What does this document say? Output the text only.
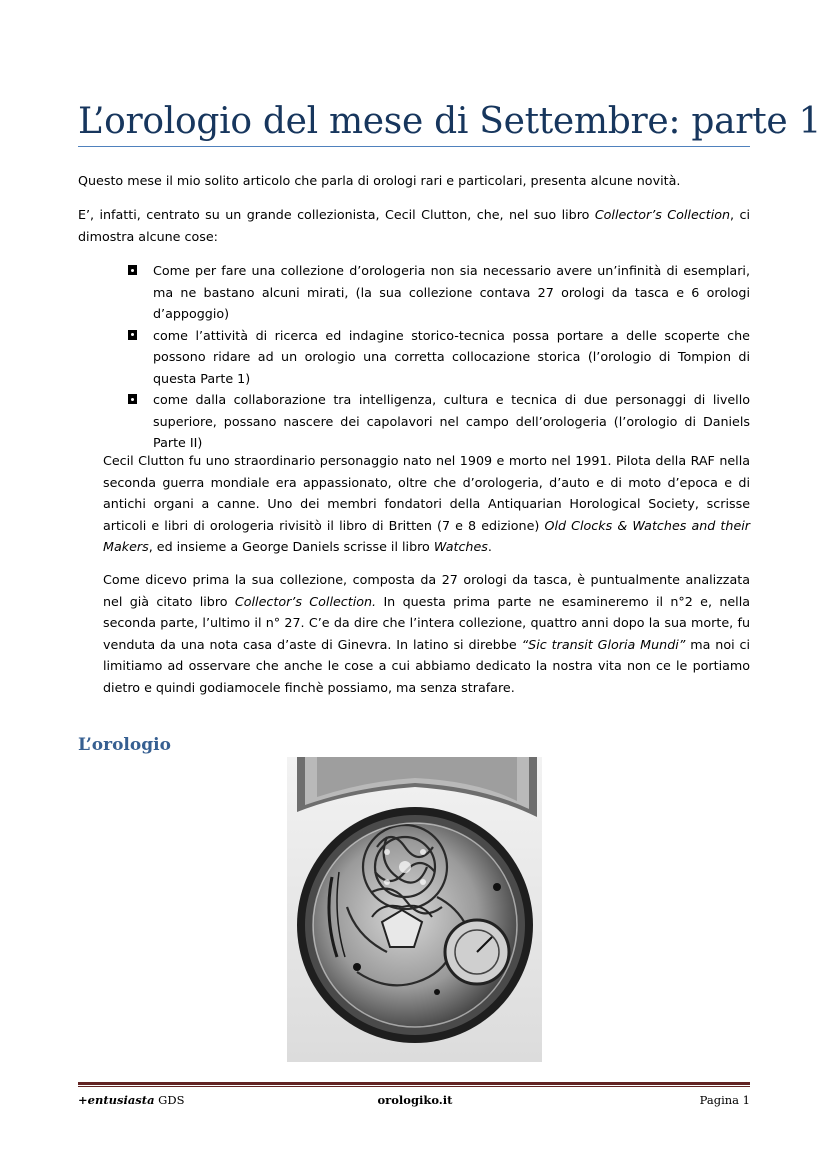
L’orologio del mese di Settembre: parte 1
Questo mese il mio solito articolo che parla di orologi rari e particolari, presenta alcune novità.
E’, infatti, centrato su un grande collezionista, Cecil Clutton, che, nel suo libro Collector’s Collection, ci dimostra alcune cose:
Come per fare una collezione d’orologeria non sia necessario avere un’infinità di esemplari, ma ne bastano alcuni mirati, (la sua collezione contava 27 orologi da tasca e 6 orologi d’appoggio)
come l’attività di ricerca ed indagine storico-tecnica possa portare a delle scoperte che possono ridare ad un orologio una corretta collocazione storica (l’orologio di Tompion di questa Parte 1)
come dalla collaborazione tra intelligenza, cultura e tecnica di due personaggi di livello superiore, possano nascere dei capolavori nel campo dell’orologeria (l’orologio di Daniels Parte II)
Cecil Clutton fu uno straordinario personaggio nato nel 1909 e morto nel 1991. Pilota della RAF nella seconda guerra mondiale era appassionato, oltre che d’orologeria, d’auto e di moto d’epoca e di antichi organi a canne. Uno dei membri fondatori della Antiquarian Horological Society, scrisse articoli e libri di orologeria rivisitò il libro di Britten (7 e 8 edizione) Old Clocks & Watches and their Makers, ed insieme a George Daniels scrisse il libro Watches.
Come dicevo prima la sua collezione, composta da 27 orologi da tasca, è puntualmente analizzata nel già citato libro Collector’s Collection. In questa prima parte ne esamineremo il n°2 e, nella seconda parte, l’ultimo il n° 27. C’e da dire che l’intera collezione, quattro anni dopo la sua morte, fu venduta da una nota casa d’aste di Ginevra. In latino si direbbe “Sic transit Gloria Mundi” ma noi ci limitiamo ad osservare che anche le cose a cui abbiamo dedicato la nostra vita non ce le portiamo dietro e quindi godiamocele finchè possiamo, ma senza strafare.
L’orologio
+entusiasta GDS	orologiko.it	Pagina 1
